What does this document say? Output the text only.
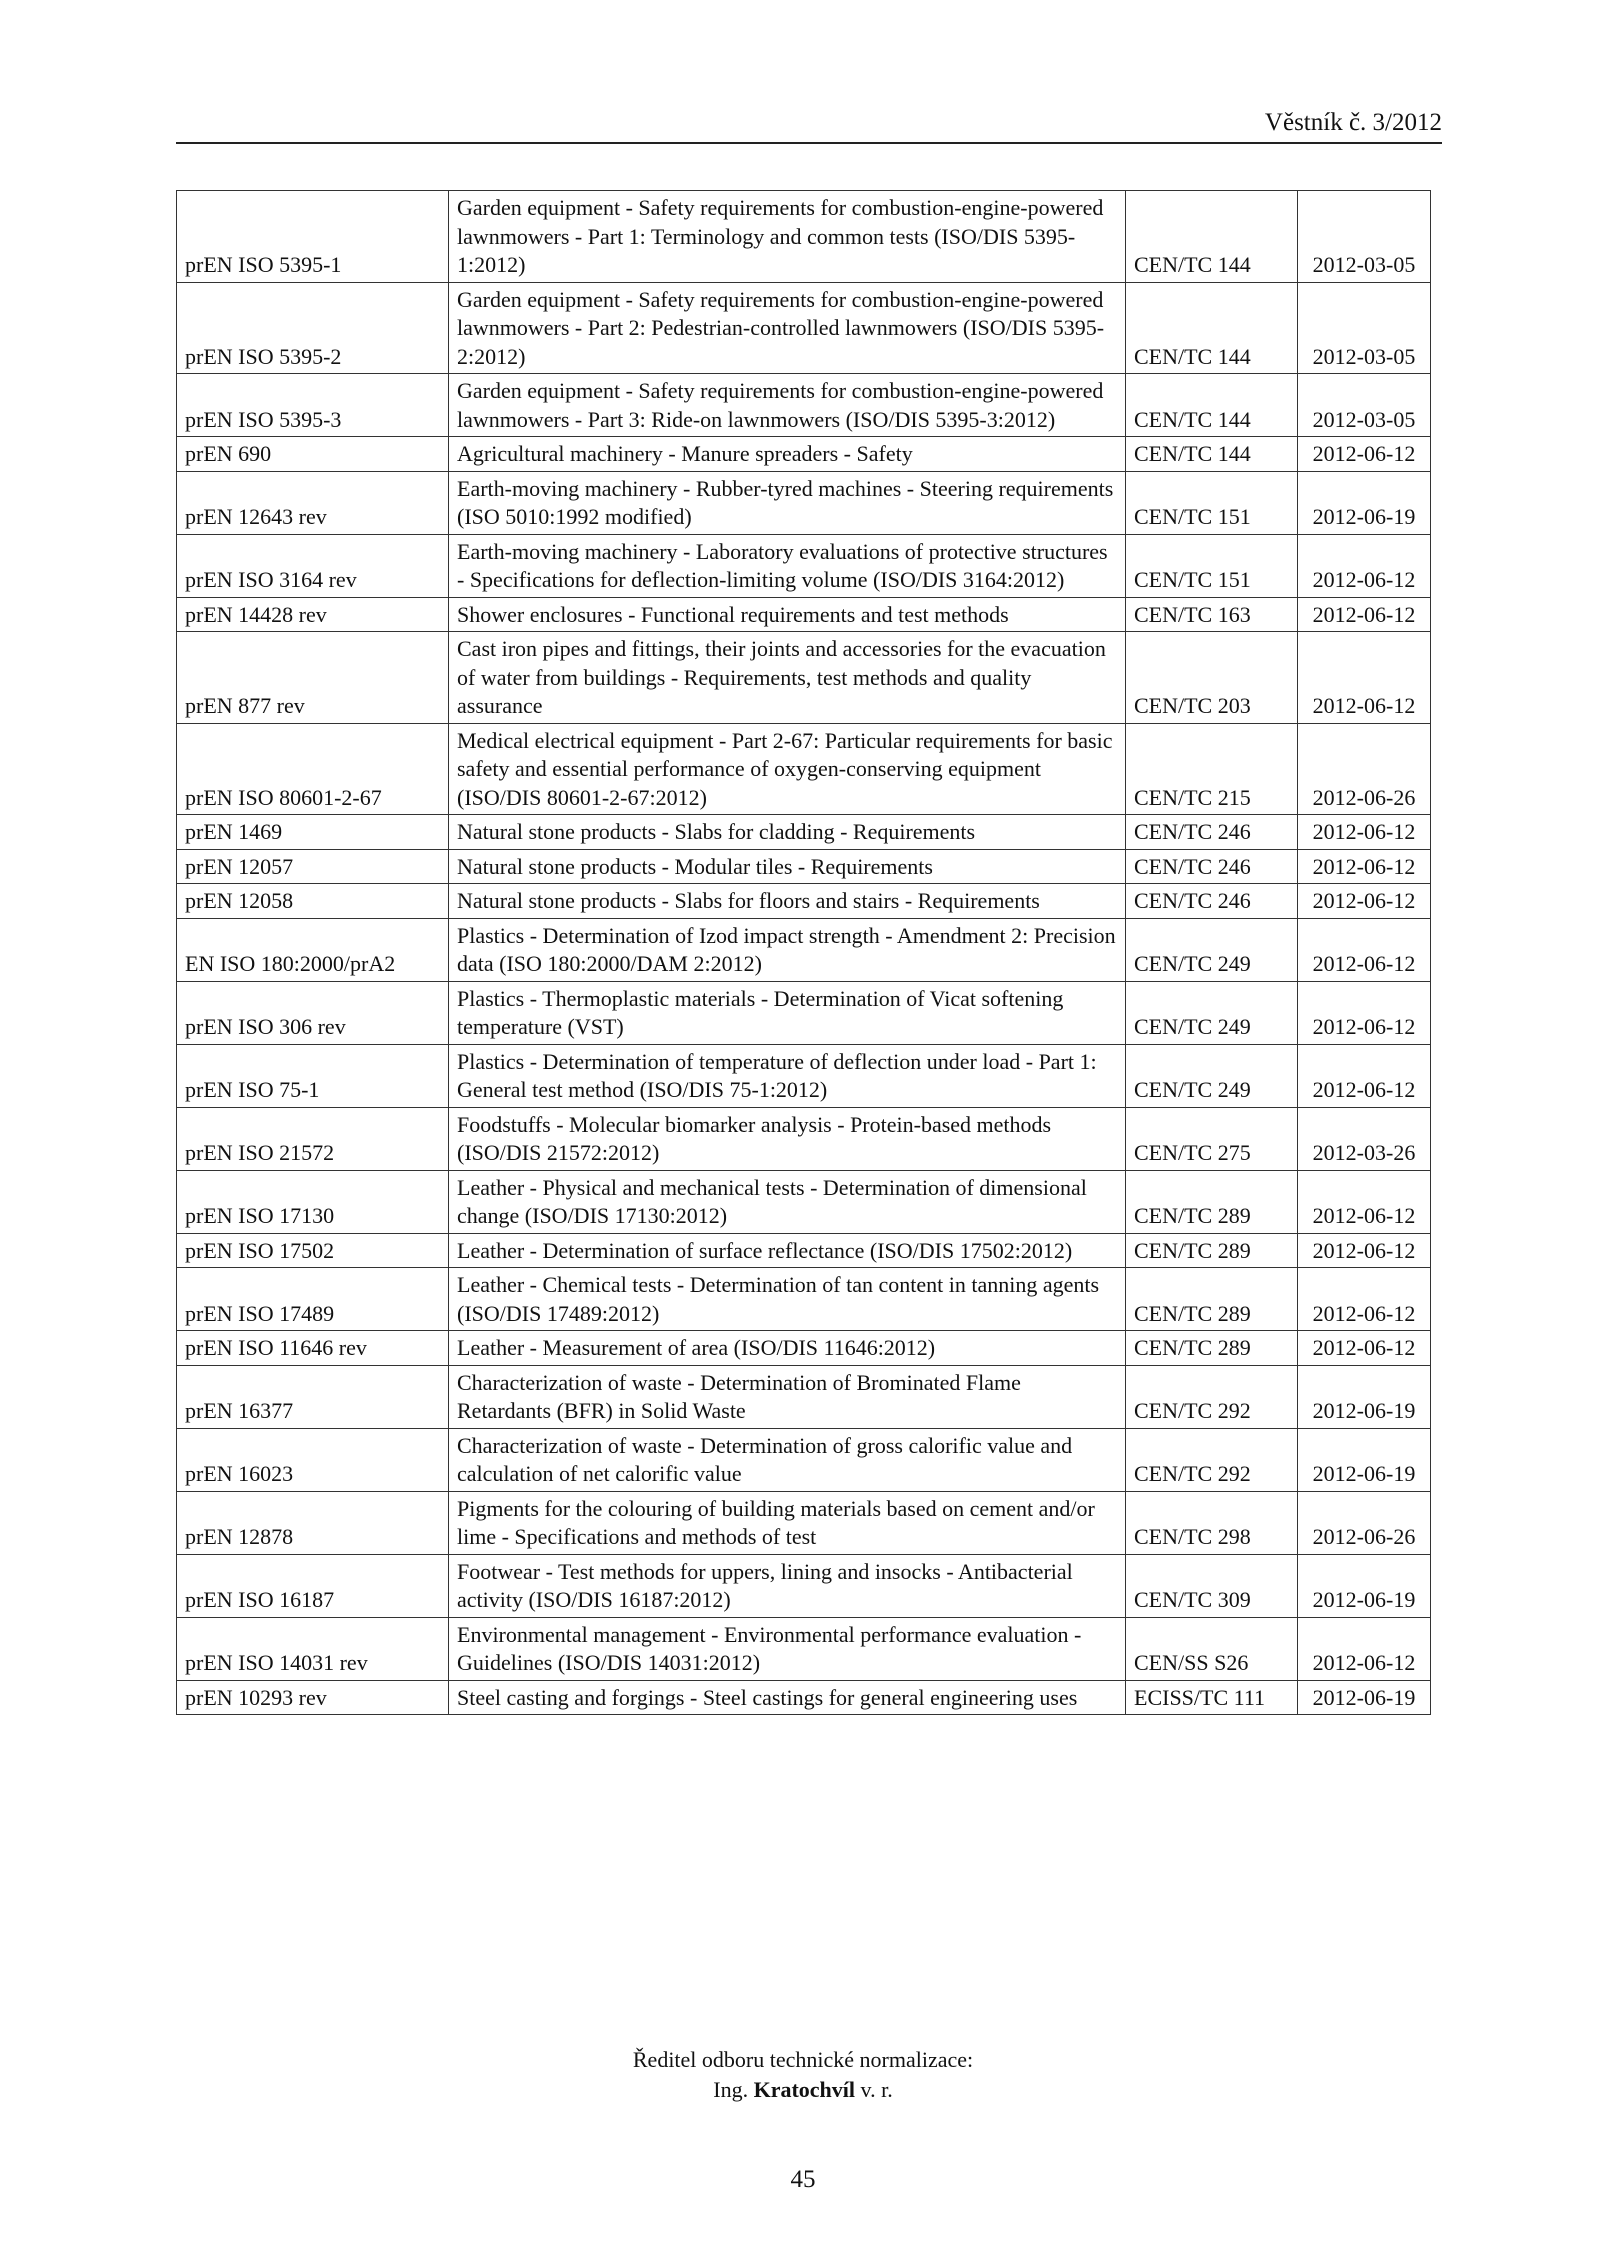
Věstník č. 3/2012
prEN ISO 5395-1	Garden equipment - Safety requirements for combustion-engine-powered lawnmowers - Part 1: Terminology and common tests (ISO/DIS 5395-1:2012)	CEN/TC 144	2012-03-05
prEN ISO 5395-2	Garden equipment - Safety requirements for combustion-engine-powered lawnmowers - Part 2: Pedestrian-controlled lawnmowers (ISO/DIS 5395-2:2012)	CEN/TC 144	2012-03-05
prEN ISO 5395-3	Garden equipment - Safety requirements for combustion-engine-powered lawnmowers - Part 3: Ride-on lawnmowers (ISO/DIS 5395-3:2012)	CEN/TC 144	2012-03-05
prEN 690	Agricultural machinery - Manure spreaders - Safety	CEN/TC 144	2012-06-12
prEN 12643 rev	Earth-moving machinery - Rubber-tyred machines - Steering requirements (ISO 5010:1992 modified)	CEN/TC 151	2012-06-19
prEN ISO 3164 rev	Earth-moving machinery - Laboratory evaluations of protective structures - Specifications for deflection-limiting volume (ISO/DIS 3164:2012)	CEN/TC 151	2012-06-12
prEN 14428 rev	Shower enclosures - Functional requirements and test methods	CEN/TC 163	2012-06-12
prEN 877 rev	Cast iron pipes and fittings, their joints and accessories for the evacuation of water from buildings - Requirements, test methods and quality assurance	CEN/TC 203	2012-06-12
prEN ISO 80601-2-67	Medical electrical equipment - Part 2-67: Particular requirements for basic safety and essential performance of oxygen-conserving equipment (ISO/DIS 80601-2-67:2012)	CEN/TC 215	2012-06-26
prEN 1469	Natural stone products - Slabs for cladding - Requirements	CEN/TC 246	2012-06-12
prEN 12057	Natural stone products - Modular tiles - Requirements	CEN/TC 246	2012-06-12
prEN 12058	Natural stone products - Slabs for floors and stairs - Requirements	CEN/TC 246	2012-06-12
EN ISO 180:2000/prA2	Plastics - Determination of Izod impact strength - Amendment 2: Precision data (ISO 180:2000/DAM 2:2012)	CEN/TC 249	2012-06-12
prEN ISO 306 rev	Plastics - Thermoplastic materials - Determination of Vicat softening temperature (VST)	CEN/TC 249	2012-06-12
prEN ISO 75-1	Plastics - Determination of temperature of deflection under load - Part 1: General test method (ISO/DIS 75-1:2012)	CEN/TC 249	2012-06-12
prEN ISO 21572	Foodstuffs - Molecular biomarker analysis - Protein-based methods (ISO/DIS 21572:2012)	CEN/TC 275	2012-03-26
prEN ISO 17130	Leather - Physical and mechanical tests - Determination of dimensional change (ISO/DIS 17130:2012)	CEN/TC 289	2012-06-12
prEN ISO 17502	Leather - Determination of surface reflectance (ISO/DIS 17502:2012)	CEN/TC 289	2012-06-12
prEN ISO 17489	Leather - Chemical tests - Determination of tan content in tanning agents (ISO/DIS 17489:2012)	CEN/TC 289	2012-06-12
prEN ISO 11646 rev	Leather - Measurement of area (ISO/DIS 11646:2012)	CEN/TC 289	2012-06-12
prEN 16377	Characterization of waste - Determination of Brominated Flame Retardants (BFR) in Solid Waste	CEN/TC 292	2012-06-19
prEN 16023	Characterization of waste - Determination of gross calorific value and calculation of net calorific value	CEN/TC 292	2012-06-19
prEN 12878	Pigments for the colouring of building materials based on cement and/or lime - Specifications and methods of test	CEN/TC 298	2012-06-26
prEN ISO 16187	Footwear - Test methods for uppers, lining and insocks - Antibacterial activity (ISO/DIS 16187:2012)	CEN/TC 309	2012-06-19
prEN ISO 14031 rev	Environmental management - Environmental performance evaluation - Guidelines (ISO/DIS 14031:2012)	CEN/SS S26	2012-06-12
prEN 10293 rev	Steel casting and forgings - Steel castings for general engineering uses	ECISS/TC 111	2012-06-19
Ředitel odboru technické normalizace:
Ing. Kratochvíl v. r.
45
